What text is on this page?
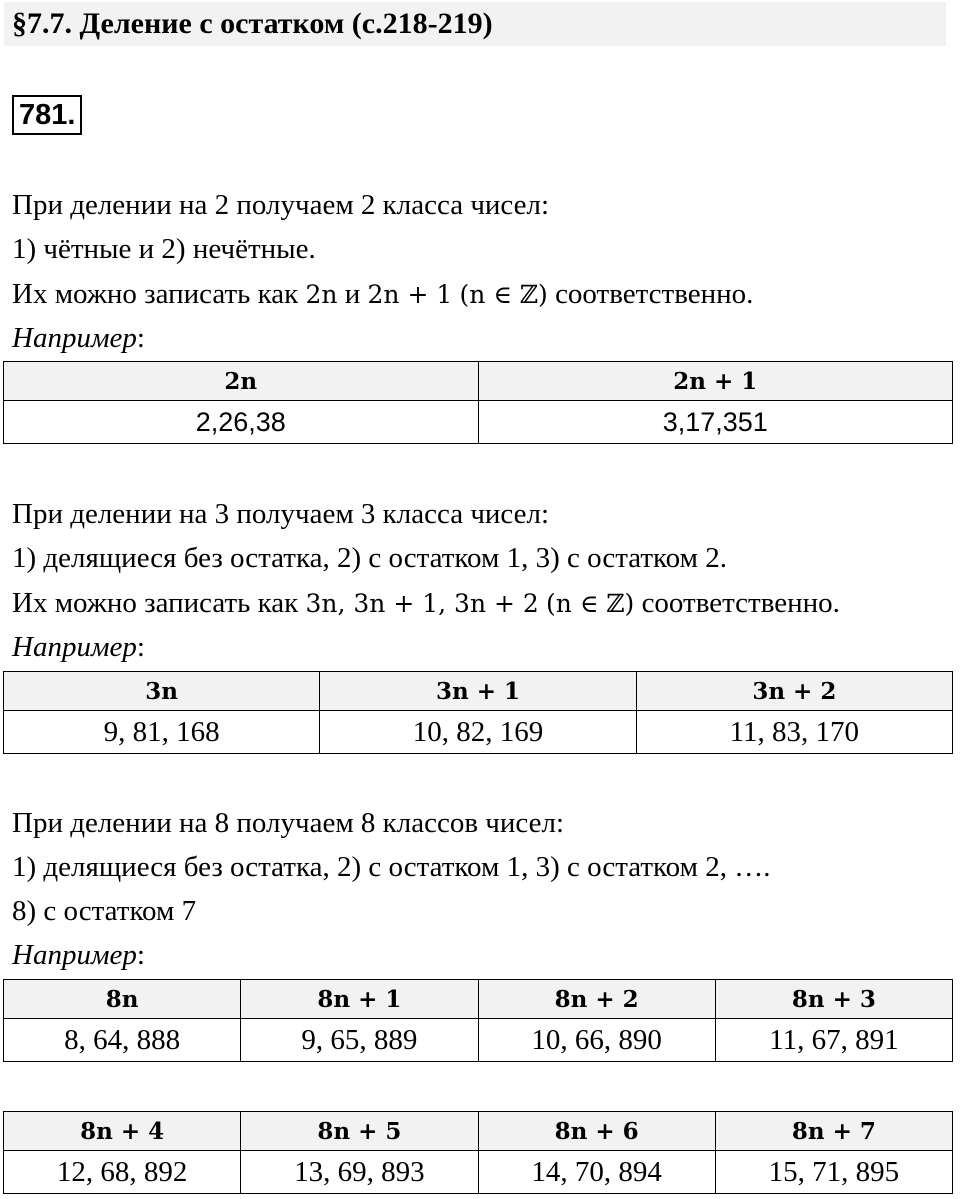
§7.7. Деление с остатком (с.218-219)
781.
При делении на 2 получаем 2 класса чисел:
1) чётные и 2) нечётные.
Их можно записать как 2n и 2n + 1 (n ∈ ℤ) соответственно.
Например:
2n	2n + 1
2,26,38	3,17,351
При делении на 3 получаем 3 класса чисел:
1) делящиеся без остатка, 2) с остатком 1, 3) с остатком 2.
Их можно записать как 3n, 3n + 1, 3n + 2 (n ∈ ℤ) соответственно.
Например:
3n	3n + 1	3n + 2
9, 81, 168	10, 82, 169	11, 83, 170
При делении на 8 получаем 8 классов чисел:
1) делящиеся без остатка, 2) с остатком 1, 3) с остатком 2, ….
8) с остатком 7
Например:
8n	8n + 1	8n + 2	8n + 3
8, 64, 888	9, 65, 889	10, 66, 890	11, 67, 891
8n + 4	8n + 5	8n + 6	8n + 7
12, 68, 892	13, 69, 893	14, 70, 894	15, 71, 895
